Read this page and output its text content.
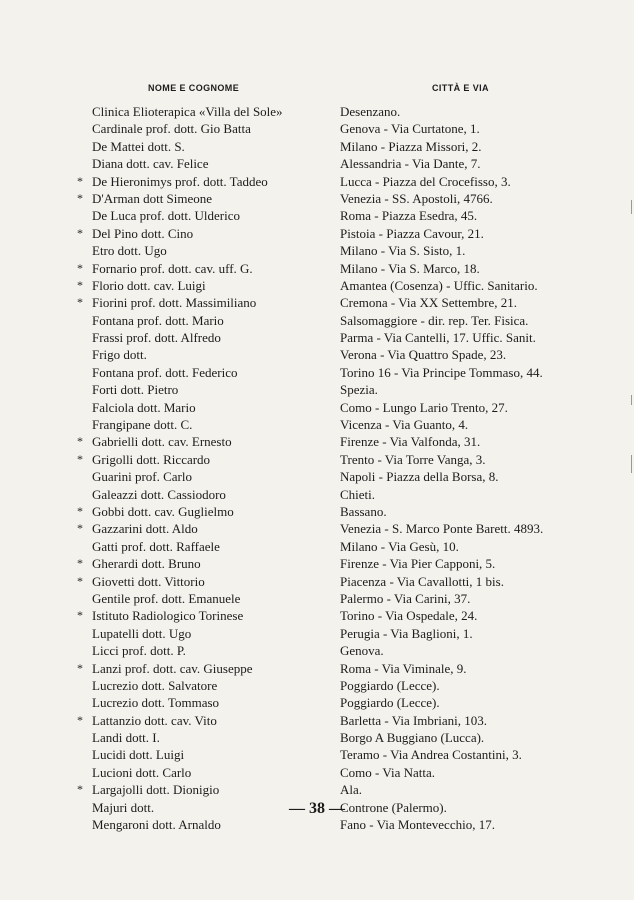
NOME E COGNOME	CITTÀ E VIA
Clinica Elioterapica «Villa del Sole»	Desenzano.
Cardinale prof. dott. Gio Batta	Genova - Via Curtatone, 1.
De Mattei dott. S.	Milano - Piazza Missori, 2.
Diana dott. cav. Felice	Alessandria - Via Dante, 7.
* De Hieronimys prof. dott. Taddeo	Lucca - Piazza del Crocefisso, 3.
* D'Arman dott Simeone	Venezia - SS. Apostoli, 4766.
De Luca prof. dott. Ulderico	Roma - Piazza Esedra, 45.
* Del Pino dott. Cino	Pistoia - Piazza Cavour, 21.
Etro dott. Ugo	Milano - Via S. Sisto, 1.
* Fornario prof. dott. cav. uff. G.	Milano - Via S. Marco, 18.
* Florio dott. cav. Luigi	Amantea (Cosenza) - Uffic. Sanitario.
* Fiorini prof. dott. Massimiliano	Cremona - Via XX Settembre, 21.
Fontana prof. dott. Mario	Salsomaggiore - dir. rep. Ter. Fisica.
Frassi prof. dott. Alfredo	Parma - Via Cantelli, 17. Uffic. Sanit.
Frigo dott.	Verona - Via Quattro Spade, 23.
Fontana prof. dott. Federico	Torino 16 - Via Principe Tommaso, 44.
Forti dott. Pietro	Spezia.
Falciola dott. Mario	Como - Lungo Lario Trento, 27.
Frangipane dott. C.	Vicenza - Via Guanto, 4.
* Gabrielli dott. cav. Ernesto	Firenze - Via Valfonda, 31.
* Grigolli dott. Riccardo	Trento - Via Torre Vanga, 3.
Guarini prof. Carlo	Napoli - Piazza della Borsa, 8.
Galeazzi dott. Cassiodoro	Chieti.
* Gobbi dott. cav. Guglielmo	Bassano.
* Gazzarini dott. Aldo	Venezia - S. Marco Ponte Barett. 4893.
Gatti prof. dott. Raffaele	Milano - Via Gesù, 10.
* Gherardi dott. Bruno	Firenze - Via Pier Capponi, 5.
* Giovetti dott. Vittorio	Piacenza - Via Cavallotti, 1 bis.
Gentile prof. dott. Emanuele	Palermo - Via Carini, 37.
* Istituto Radiologico Torinese	Torino - Via Ospedale, 24.
Lupatelli dott. Ugo	Perugia - Via Baglioni, 1.
Licci prof. dott. P.	Genova.
* Lanzi prof. dott. cav. Giuseppe	Roma - Via Viminale, 9.
Lucrezio dott. Salvatore	Poggiardo (Lecce).
Lucrezio dott. Tommaso	Poggiardo (Lecce).
* Lattanzio dott. cav. Vito	Barletta - Via Imbriani, 103.
Landi dott. I.	Borgo A Buggiano (Lucca).
Lucidi dott. Luigi	Teramo - Via Andrea Costantini, 3.
Lucioni dott. Carlo	Como - Via Natta.
* Largajolli dott. Dionigio	Ala.
Majuri dott.	Controne (Palermo).
Mengaroni dott. Arnaldo	Fano - Via Montevecchio, 17.
— 38 —
